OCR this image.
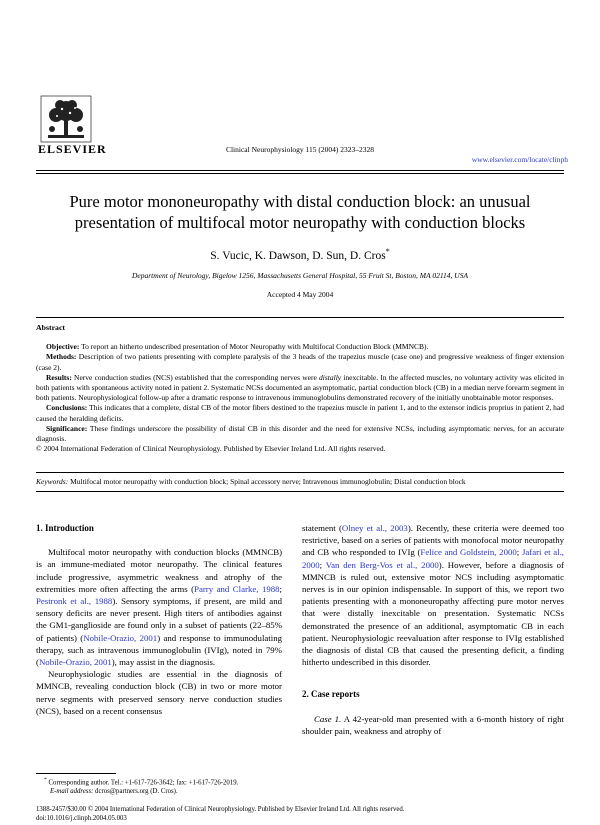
ELSEVIER	Clinical Neurophysiology 115 (2004) 2323–2328
www.elsevier.com/locate/clinph
Pure motor mononeuropathy with distal conduction block: an unusual
presentation of multifocal motor neuropathy with conduction blocks
S. Vucic, K. Dawson, D. Sun, D. Cros*
Department of Neurology, Bigelow 1256, Massachusetts General Hospital, 55 Fruit St, Boston, MA 02114, USA
Accepted 4 May 2004

Abstract

Objective: To report an hitherto undescribed presentation of Motor Neuropathy with Multifocal Conduction Block (MMNCB).

Methods: Description of two patients presenting with complete paralysis of the 3 heads of the trapezius muscle (case one) and progressive weakness of finger extension (case 2).

Results: Nerve conduction studies (NCS) established that the corresponding nerves were distally inexcitable. In the affected muscles, no voluntary activity was elicited in both patients with spontaneous activity noted in patient 2. Systematic NCSs documented an asymptomatic, partial conduction block (CB) in a median nerve forearm segment in both patients. Neurophysiological follow-up after a dramatic response to intravenous immunoglobulins demonstrated recovery of the initially unobtainable motor responses.

Conclusions: This indicates that a complete, distal CB of the motor fibers destined to the trapezius muscle in patient 1, and to the extensor indicis proprius in patient 2, had caused the heralding deficits.

Significance: These findings underscore the possibility of distal CB in this disorder and the need for extensive NCSs, including asymptomatic nerves, for an accurate diagnosis.

© 2004 International Federation of Clinical Neurophysiology. Published by Elsevier Ireland Ltd. All rights reserved.

Keywords: Multifocal motor neuropathy with conduction block; Spinal accessory nerve; Intravenous immunoglobulin; Distal conduction block
1. Introduction

Multifocal motor neuropathy with conduction blocks (MMNCB) is an immune-mediated motor neuropathy. The clinical features include progressive, asymmetric weakness and atrophy of the extremities more often affecting the arms (Parry and Clarke, 1988; Pestronk et al., 1988). Sensory symptoms, if present, are mild and sensory deficits are never present. High titers of antibodies against the GM1-ganglioside are found only in a subset of patients (22–85% of patients) (Nobile-Orazio, 2001) and response to immunodulating therapy, such as intravenous immunoglobulin (IVIg), noted in 79% (Nobile-Orazio, 2001), may assist in the diagnosis.

Neurophysiologic studies are essential in the diagnosis of MMNCB, revealing conduction block (CB) in two or more motor nerve segments with preserved sensory nerve conduction studies (NCS), based on a recent consensus

* Corresponding author. Tel.: +1-617-726-3642; fax: +1-617-726-2019.
E-mail address: dcros@partners.org (D. Cros).

statement (Olney et al., 2003). Recently, these criteria were deemed too restrictive, based on a series of patients with monofocal motor neuropathy and CB who responded to IVIg (Felice and Goldstein, 2000; Jafari et al., 2000; Van den Berg-Vos et al., 2000). However, before a diagnosis of MMNCB is ruled out, extensive motor NCS including asymptomatic nerves is in our opinion indispensable. In support of this, we report two patients presenting with a mononeuropathy affecting pure motor nerves that were distally inexcitable on presentation. Systematic NCSs demonstrated the presence of an additional, asymptomatic CB in each patient. Neurophysiologic reevaluation after response to IVIg established the diagnosis of distal CB that caused the presenting deficit, a finding hitherto undescribed in this disorder.

2. Case reports

Case 1. A 42-year-old man presented with a 6-month history of right shoulder pain, weakness and atrophy of

1388-2457/$30.00 © 2004 International Federation of Clinical Neurophysiology. Published by Elsevier Ireland Ltd. All rights reserved.
doi:10.1016/j.clinph.2004.05.003
